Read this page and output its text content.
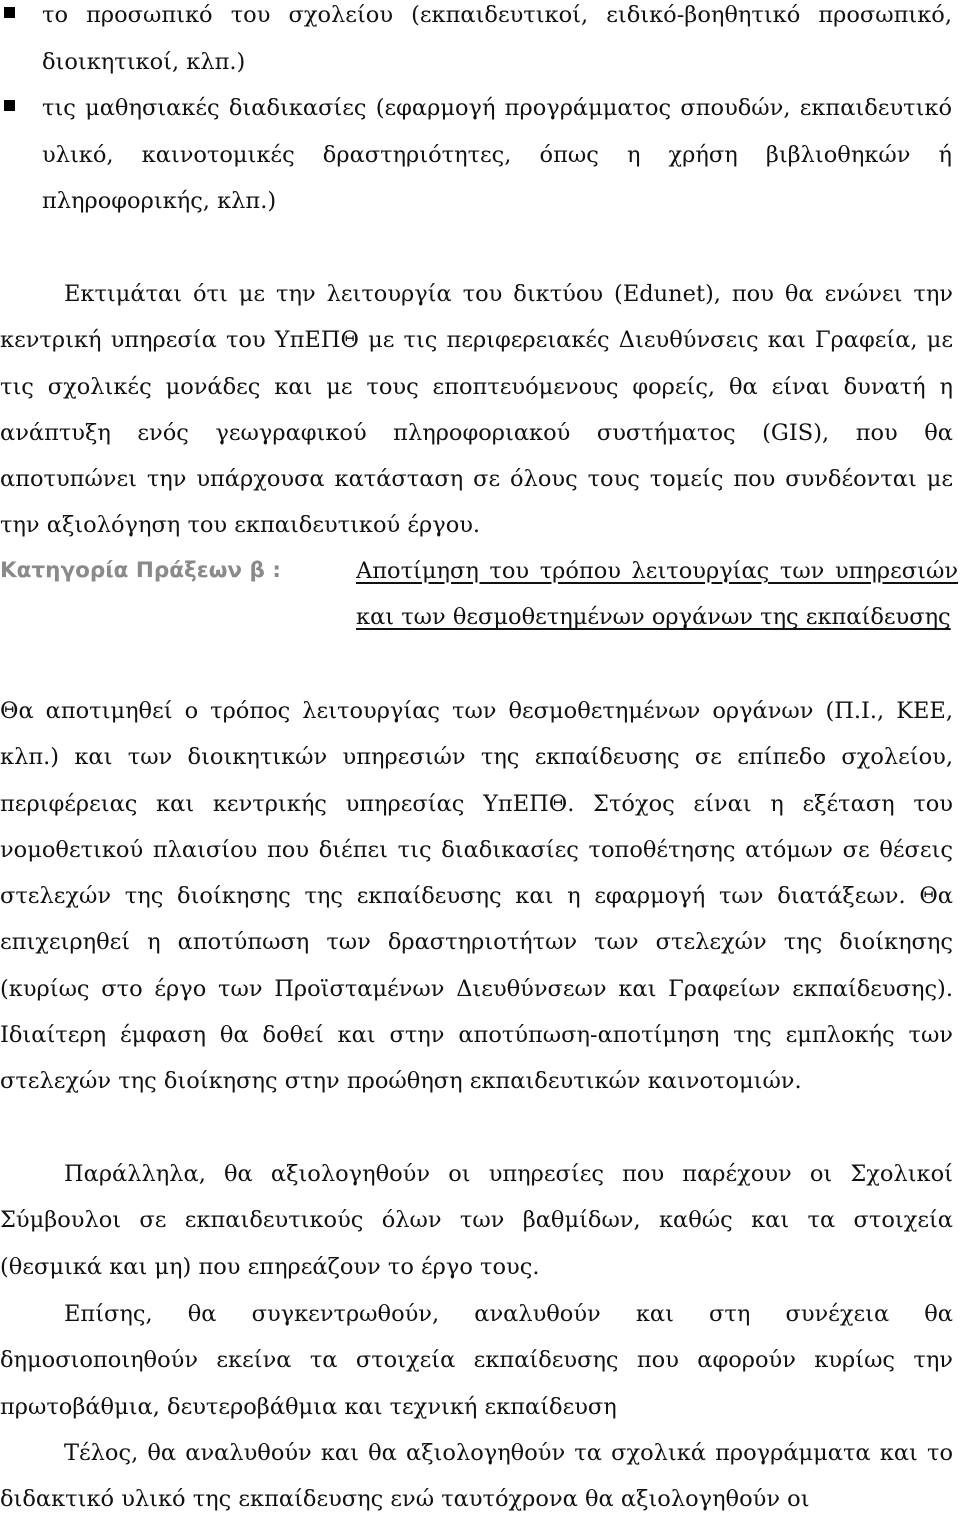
το προσωπικό του σχολείου (εκπαιδευτικοί, ειδικό-βοηθητικό προσωπικό, διοικητικοί, κλπ.)
τις μαθησιακές διαδικασίες (εφαρμογή προγράμματος σπουδών, εκπαιδευτικό υλικό, καινοτομικές δραστηριότητες, όπως η χρήση βιβλιοθηκών ή πληροφορικής, κλπ.)

Εκτιμάται ότι με την λειτουργία του δικτύου (Edunet), που θα ενώνει την κεντρική υπηρεσία του ΥπΕΠΘ με τις περιφερειακές Διευθύνσεις και Γραφεία, με τις σχολικές μονάδες και με τους εποπτευόμενους φορείς, θα είναι δυνατή η ανάπτυξη ενός γεωγραφικού πληροφοριακού συστήματος (GIS), που θα αποτυπώνει την υπάρχουσα κατάσταση σε όλους τους τομείς που συνδέονται με την αξιολόγηση του εκπαιδευτικού έργου.

Κατηγορία Πράξεων β :	Αποτίμηση του τρόπου λειτουργίας των υπηρεσιών και των θεσμοθετημένων οργάνων της εκπαίδευσης

Θα αποτιμηθεί ο τρόπος λειτουργίας των θεσμοθετημένων οργάνων (Π.Ι., ΚΕΕ, κλπ.) και των διοικητικών υπηρεσιών της εκπαίδευσης σε επίπεδο σχολείου, περιφέρειας και κεντρικής υπηρεσίας ΥπΕΠΘ. Στόχος είναι η εξέταση του νομοθετικού πλαισίου που διέπει τις διαδικασίες τοποθέτησης ατόμων σε θέσεις στελεχών της διοίκησης της εκπαίδευσης και η εφαρμογή των διατάξεων. Θα επιχειρηθεί η αποτύπωση των δραστηριοτήτων των στελεχών της διοίκησης (κυρίως στο έργο των Προϊσταμένων Διευθύνσεων και Γραφείων εκπαίδευσης). Ιδιαίτερη έμφαση θα δοθεί και στην αποτύπωση-αποτίμηση της εμπλοκής των στελεχών της διοίκησης στην προώθηση εκπαιδευτικών καινοτομιών.

Παράλληλα, θα αξιολογηθούν οι υπηρεσίες που παρέχουν οι Σχολικοί Σύμβουλοι σε εκπαιδευτικούς όλων των βαθμίδων, καθώς και τα στοιχεία (θεσμικά και μη) που επηρεάζουν το έργο τους.

Επίσης, θα συγκεντρωθούν, αναλυθούν και στη συνέχεια θα δημοσιοποιηθούν εκείνα τα στοιχεία εκπαίδευσης που αφορούν κυρίως την πρωτοβάθμια, δευτεροβάθμια και τεχνική εκπαίδευση

Τέλος, θα αναλυθούν και θα αξιολογηθούν τα σχολικά προγράμματα και το διδακτικό υλικό της εκπαίδευσης ενώ ταυτόχρονα θα αξιολογηθούν οι
